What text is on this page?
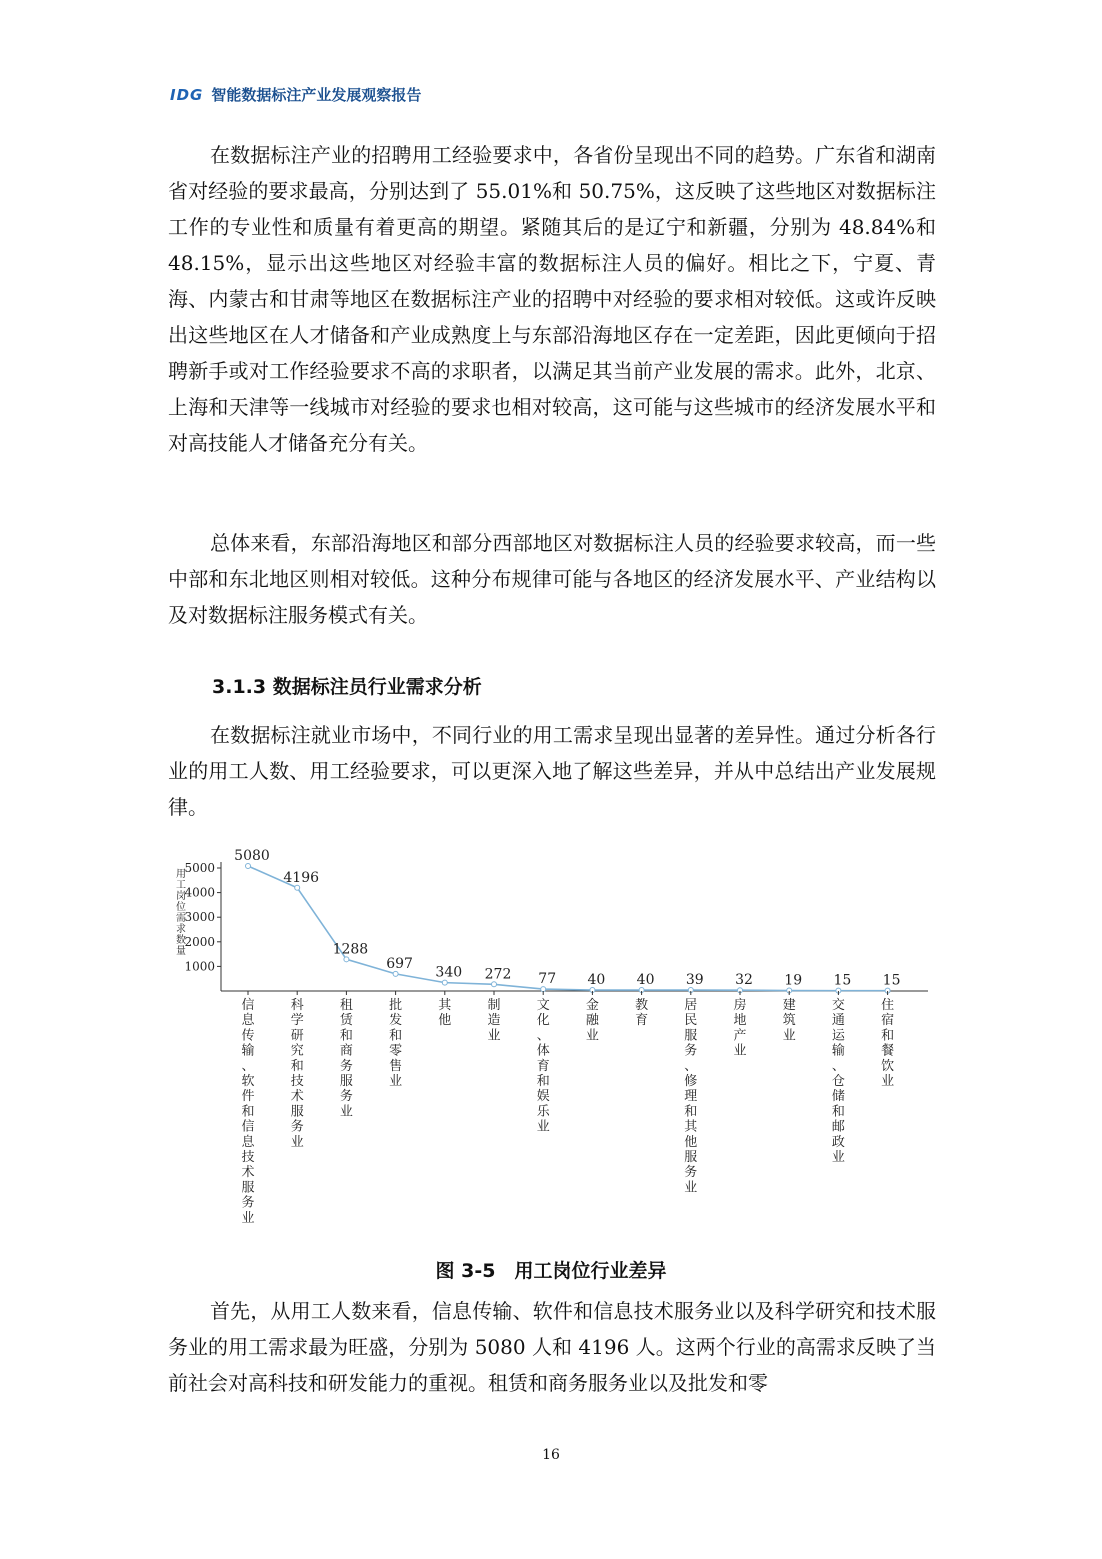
IDG 智能数据标注产业发展观察报告

在数据标注产业的招聘用工经验要求中，各省份呈现出不同的趋势。广东省和湖南省对经验的要求最高，分别达到了 55.01%和 50.75%，这反映了这些地区对数据标注工作的专业性和质量有着更高的期望。紧随其后的是辽宁和新疆，分别为 48.84%和 48.15%，显示出这些地区对经验丰富的数据标注人员的偏好。相比之下，宁夏、青海、内蒙古和甘肃等地区在数据标注产业的招聘中对经验的要求相对较低。这或许反映出这些地区在人才储备和产业成熟度上与东部沿海地区存在一定差距，因此更倾向于招聘新手或对工作经验要求不高的求职者，以满足其当前产业发展的需求。此外，北京、上海和天津等一线城市对经验的要求也相对较高，这可能与这些城市的经济发展水平和对高技能人才储备充分有关。

总体来看，东部沿海地区和部分西部地区对数据标注人员的经验要求较高，而一些中部和东北地区则相对较低。这种分布规律可能与各地区的经济发展水平、产业结构以及对数据标注服务模式有关。

3.1.3 数据标注员行业需求分析

在数据标注就业市场中，不同行业的用工需求呈现出显著的差异性。通过分析各行业的用工人数、用工经验要求，可以更深入地了解这些差异，并从中总结出产业发展规律。

1000
2000
3000
4000
5000
用工岗位需求数量
5080
信息传输、软件和信息技术服务业
4196
科学研究和技术服务业
1288
租赁和商务服务业
697
批发和零售业
340
其他
272
制造业
77
文化、体育和娱乐业
40
金融业
40
教育
39
居民服务、修理和其他服务业
32
房地产业
19
建筑业
15
交通运输、仓储和邮政业
15
住宿和餐饮业
图 3-5　用工岗位行业差异

首先，从用工人数来看，信息传输、软件和信息技术服务业以及科学研究和技术服务业的用工需求最为旺盛，分别为 5080 人和 4196 人。这两个行业的高需求反映了当前社会对高科技和研发能力的重视。租赁和商务服务业以及批发和零

16
